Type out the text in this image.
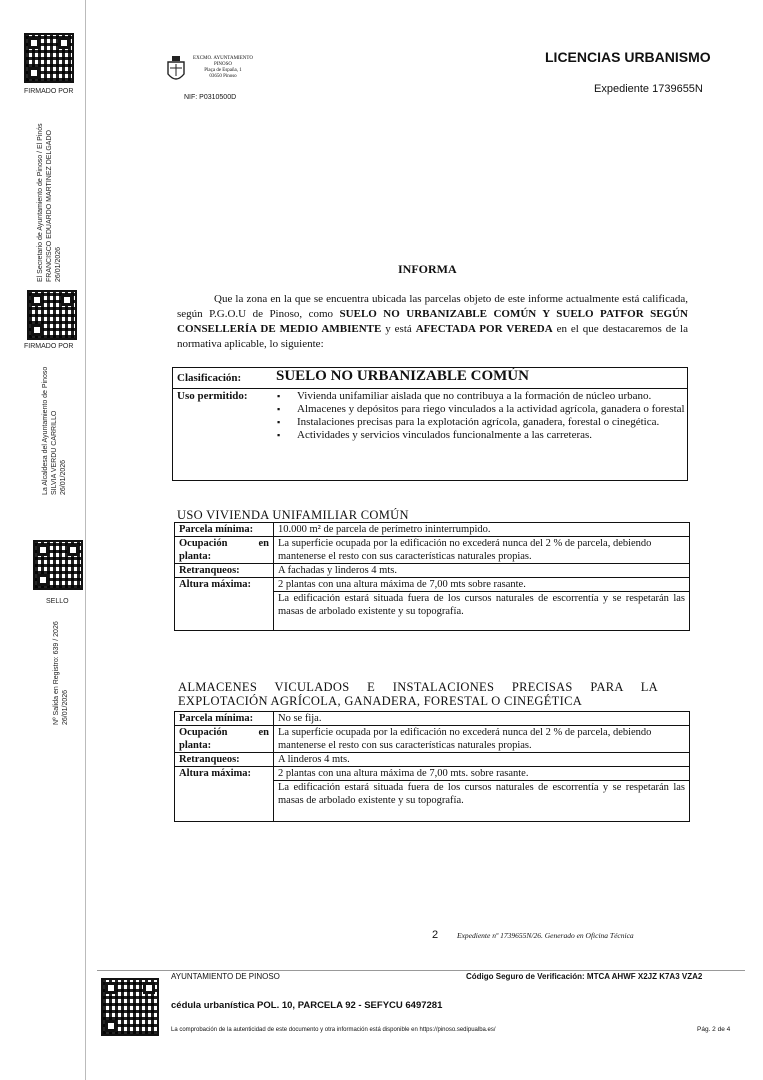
FIRMADO POR
El Secretario de Ayuntamiento de Pinoso / El Pinós FRANCISCO EDUARDO MARTINEZ DELGADO 26/01/2026
FIRMADO POR
La Alcaldesa del Ayuntamiento de Pinoso SILVIA VERDU CARRILLO 26/01/2026
SELLO
Nº Salida en Registro: 639 / 2026 26/01/2026
EXCMO. AYUNTAMIENTO
PINOSO
Plaça de España, 1
03650 Pinoso
NIF: P0310500D
LICENCIAS URBANISMO
Expediente 1739655N
INFORMA
Que la zona en la que se encuentra ubicada las parcelas objeto de este informe actualmente está calificada, según P.G.O.U de Pinoso, como SUELO NO URBANIZABLE COMÚN Y SUELO PATFOR SEGÚN CONSELLERÍA DE MEDIO AMBIENTE y está AFECTADA POR VEREDA en el que destacaremos de la normativa aplicable, lo siguiente:
Clasificación: SUELO NO URBANIZABLE COMÚN
Uso permitido:	▪ Vivienda unifamiliar aislada que no contribuya a la formación de núcleo urbano.
▪ Almacenes y depósitos para riego vinculados a la actividad agrícola, ganadera o forestal
▪ Instalaciones precisas para la explotación agrícola, ganadera, forestal o cinegética.
▪ Actividades y servicios vinculados funcionalmente a las carreteras.
USO VIVIENDA UNIFAMILIAR COMÚN
Parcela mínima:	10.000 m² de parcela de perímetro ininterrumpido.

Ocupación en
planta:	La superficie ocupada por la edificación no excederá nunca del 2 % de parcela, debiendo mantenerse el resto con sus características naturales propias.
Retranqueos:	A fachadas y linderos 4 mts.
Altura máxima:	2 plantas con una altura máxima de 7,00 mts sobre rasante.
	La edificación estará situada fuera de los cursos naturales de escorrentía y se respetarán las masas de arbolado existente y su topografía.
ALMACENES VICULADOS E INSTALACIONES PRECISAS PARA LA EXPLOTACIÓN AGRÍCOLA, GANADERA, FORESTAL O CINEGÉTICA
Parcela mínima:	No se fija.

Ocupación en
planta:	La superficie ocupada por la edificación no excederá nunca del 2 % de parcela, debiendo mantenerse el resto con sus características naturales propias.
Retranqueos:	A linderos 4 mts.
Altura máxima:	2 plantas con una altura máxima de 7,00 mts. sobre rasante.
	La edificación estará situada fuera de los cursos naturales de escorrentía y se respetarán las masas de arbolado existente y su topografía.
2	Expediente nº 1739655N/26. Generado en Oficina Técnica
AYUNTAMIENTO DE PINOSO	Código Seguro de Verificación: MTCA AHWF X2JZ K7A3 VZA2
cédula urbanística POL. 10, PARCELA 92 - SEFYCU 6497281
La comprobación de la autenticidad de este documento y otra información está disponible en https://pinoso.sedipualba.es/	Pág. 2 de 4
